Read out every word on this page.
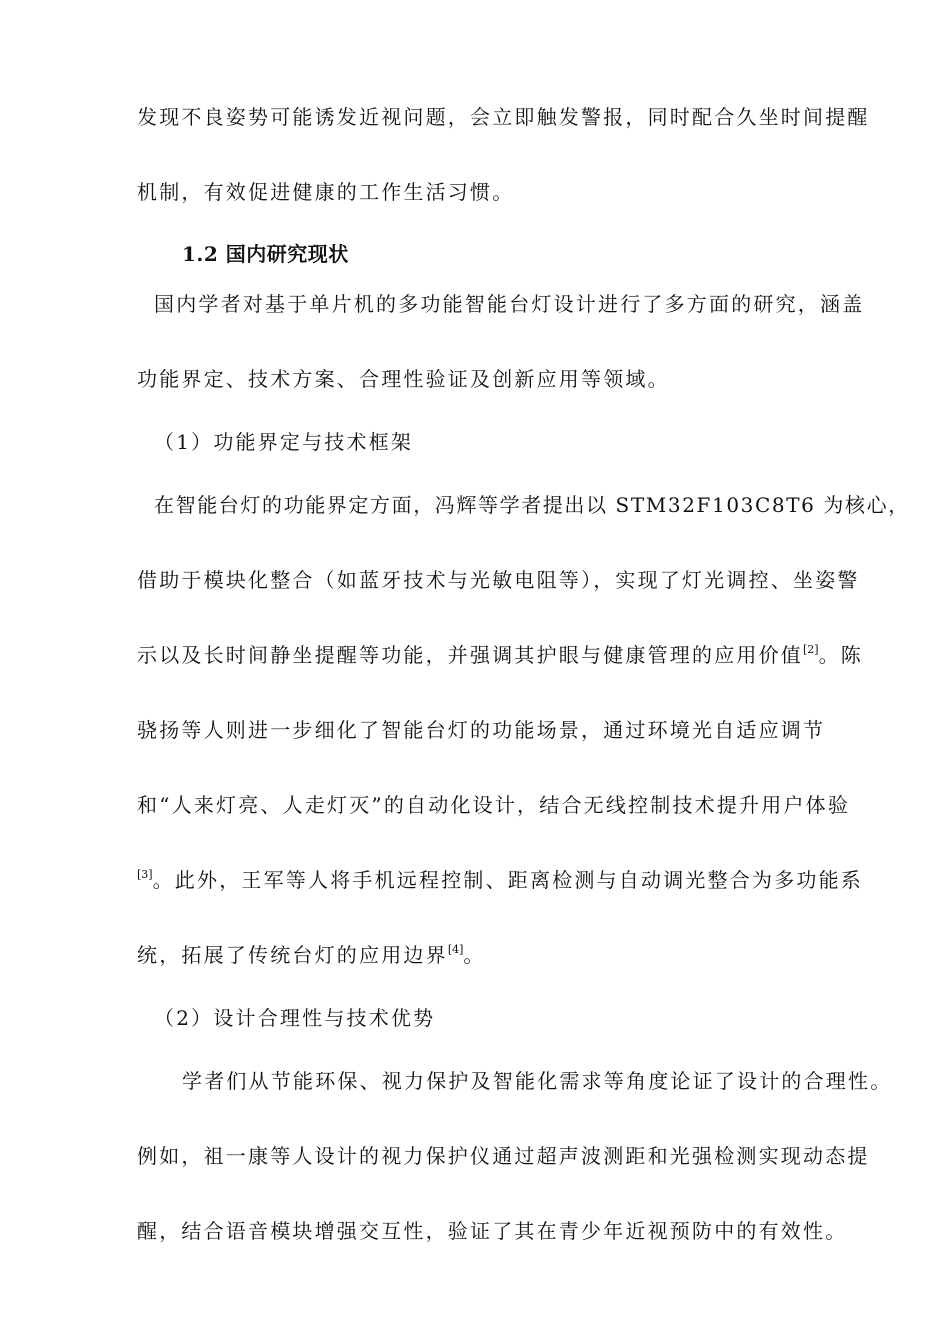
发现不良姿势可能诱发近视问题，会立即触发警报，同时配合久坐时间提醒
机制，有效促进健康的工作生活习惯。
1.2 国内研究现状
国内学者对基于单片机的多功能智能台灯设计进行了多方面的研究，涵盖
功能界定、技术方案、合理性验证及创新应用等领域。
（1）功能界定与技术框架
在智能台灯的功能界定方面，冯辉等学者提出以 STM32F103C8T6 为核心，
借助于模块化整合（如蓝牙技术与光敏电阻等），实现了灯光调控、坐姿警
示以及长时间静坐提醒等功能，并强调其护眼与健康管理的应用价值[2]。陈
骁扬等人则进一步细化了智能台灯的功能场景，通过环境光自适应调节
和“人来灯亮、人走灯灭”的自动化设计，结合无线控制技术提升用户体验
[3]。此外，王军等人将手机远程控制、距离检测与自动调光整合为多功能系
统，拓展了传统台灯的应用边界[4]。
（2）设计合理性与技术优势
学者们从节能环保、视力保护及智能化需求等角度论证了设计的合理性。
例如，祖一康等人设计的视力保护仪通过超声波测距和光强检测实现动态提
醒，结合语音模块增强交互性，验证了其在青少年近视预防中的有效性。
